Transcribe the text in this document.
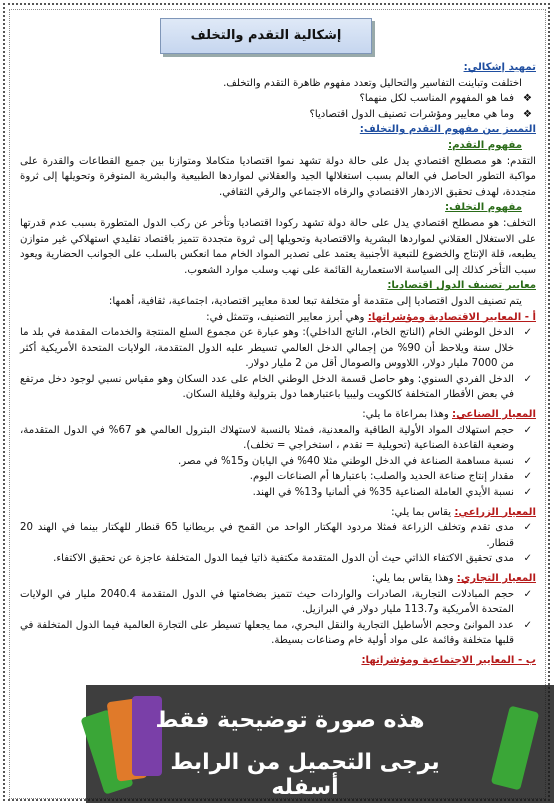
إشكالية التقدم والتخلف

تمهيد إشكالي:

اختلفت وتباينت التفاسير والتحاليل وتعدد مفهوم ظاهرة التقدم والتخلف.

❖
فما هو المفهوم المناسب لكل منهما؟

❖
وما هي معايير ومؤشرات تصنيف الدول اقتصاديا؟

التمييز بين مفهوم التقدم والتخلف:

مفهوم التقدم:

التقدم: هو مصطلح اقتصادي يدل على حالة دولة تشهد نموا اقتصاديا متكاملا ومتوازنا بين جميع القطاعات والقدرة على مواكبة التطور الحاصل في العالم بسبب استغلالها الجيد والعقلاني لمواردها الطبيعية والبشرية المتوفرة وتحويلها إلى ثروة متجددة، لهدف تحقيق الازدهار الاقتصادي والرفاه الاجتماعي والرقي الثقافي.

مفهوم التخلف:

التخلف: هو مصطلح اقتصادي يدل على حالة دولة تشهد ركودا اقتصاديا وتأخر عن ركب الدول المتطورة بسبب عدم قدرتها على الاستغلال العقلاني لمواردها البشرية والاقتصادية وتحويلها إلى ثروة متجددة تتميز باقتصاد تقليدي استهلاكي غير متوازن يطبعه، قلة الإنتاج والخضوع للتبعية الأجنبية يعتمد على تصدير المواد الخام مما انعكس بالسلب على الجوانب الحضارية ويعود سبب التأخر كذلك إلى السياسة الاستعمارية القائمة على نهب وسلب موارد الشعوب.

معايير تصنيف الدول اقتصاديا:

يتم تصنيف الدول اقتصاديا إلى متقدمة أو متخلفة تبعا لعدة معايير اقتصادية، اجتماعية، ثقافية، أهمها:

أ - المعايير الاقتصادية ومؤشراتها: وهي أبرز معايير التصنيف، وتتمثل في:

✓
الدخل الوطني الخام (الناتج الخام، الناتج الداخلي): وهو عبارة عن مجموع السلع المنتجة والخدمات المقدمة في بلد ما خلال سنة ويلاحظ أن 90% من إجمالي الدخل العالمي تسيطر عليه الدول المتقدمة، الولايات المتحدة الأمريكية أكثر من 7000 مليار دولار، اللاووس والصومال أقل من 2 مليار دولار.

✓
الدخل الفردي السنوي: وهو حاصل قسمة الدخل الوطني الخام على عدد السكان وهو مقياس نسبي لوجود دخل مرتفع في بعض الأقطار المتخلفة كالكويت وليبيا باعتبارهما دول بترولية وقليلة السكان.

المعيار الصناعي: وهذا بمراعاة ما يلي:

✓
حجم استهلاك المواد الأولية الطاقية والمعدنية، فمثلا بالنسبة لاستهلاك البترول العالمي هو 67% في الدول المتقدمة، وضعية القاعدة الصناعية (تحويلية = تقدم ، استخراجي = تخلف).

✓
نسبة مساهمة الصناعة في الدخل الوطني مثلا 40% في اليابان و15% في مصر.

✓
مقدار إنتاج صناعة الحديد والصلب: باعتبارها أم الصناعات اليوم.

✓
نسبة الأيدي العاملة الصناعية 35% في ألمانيا و13% في الهند.

المعيار الزراعي: يقاس بما يلي:

✓
مدى تقدم وتخلف الزراعة فمثلا مردود الهكتار الواحد من القمح في بريطانيا 65 قنطار للهكتار بينما في الهند 20 قنطار.

✓
مدى تحقيق الاكتفاء الذاتي حيث أن الدول المتقدمة مكتفية ذاتيا فيما الدول المتخلفة عاجزة عن تحقيق الاكتفاء.

المعيار التجاري: وهذا يقاس بما يلي:

✓
حجم المبادلات التجارية، الصادرات والواردات حيث تتميز بضخامتها في الدول المتقدمة 2040.4 مليار في الولايات المتحدة الأمريكية و113.7 مليار دولار في البرازيل.

✓
عدد الموانئ وحجم الأساطيل التجارية والنقل البحري، مما يجعلها تسيطر على التجارة العالمية فيما الدول المتخلفة في قلبها متخلفة وقائمة على مواد أولية خام وصناعات بسيطة.

ب - المعايير الاجتماعية ومؤشراتها:

هذه صورة توضيحية فقط
يرجى التحميل من الرابط أسفله
